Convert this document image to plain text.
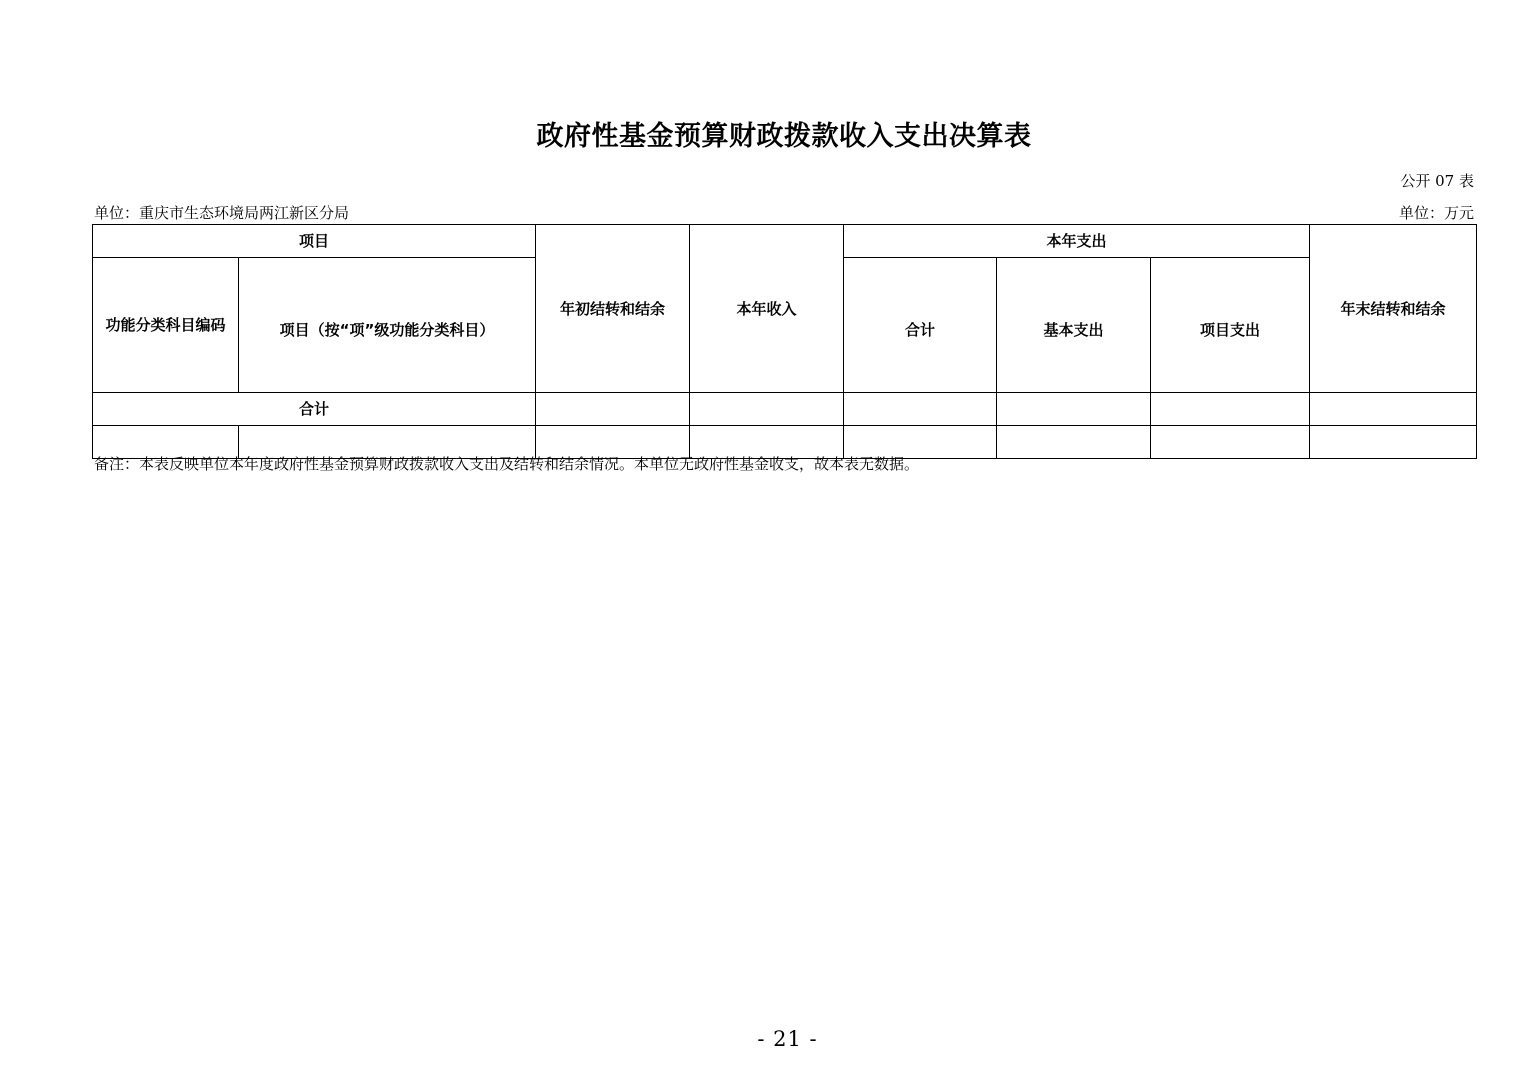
政府性基金预算财政拨款收入支出决算表
公开 07 表
单位：重庆市生态环境局两江新区分局	单位：万元
项目		年初结转和结余	本年收入	本年支出			年末结转和结余
功能分类科目编码	项目（按“项”级功能分类科目）			合计	基本支出	项目支出	
合计							

备注：本表反映单位本年度政府性基金预算财政拨款收入支出及结转和结余情况。本单位无政府性基金收支，故本表无数据。
- 21 -
